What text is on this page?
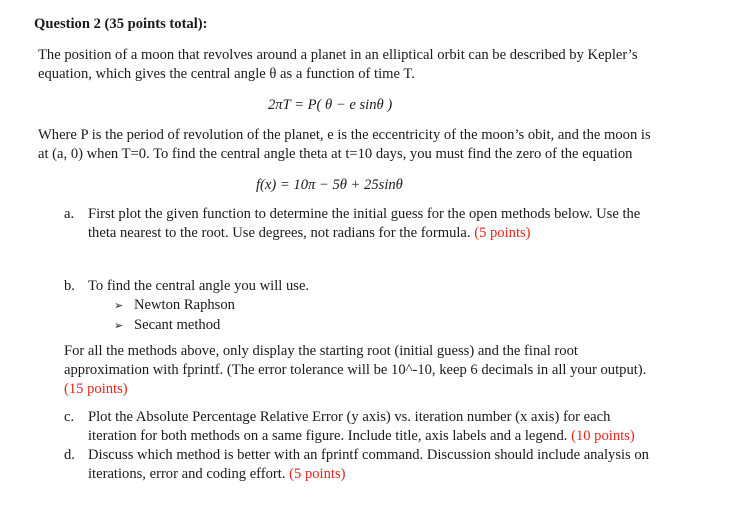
Question 2 (35 points total):
The position of a moon that revolves around a planet in an elliptical orbit can be described by Kepler’s
equation, which gives the central angle θ as a function of time T.
2πT = P( θ − e sinθ )
Where P is the period of revolution of the planet, e is the eccentricity of the moon’s obit, and the moon is
at (a, 0) when T=0. To find the central angle theta at t=10 days, you must find the zero of the equation
f(x) = 10π − 5θ + 25sinθ
a. First plot the given function to determine the initial guess for the open methods below. Use the
theta nearest to the root. Use degrees, not radians for the formula. (5 points)
b. To find the central angle you will use.
➢ Newton Raphson
➢ Secant method
For all the methods above, only display the starting root (initial guess) and the final root
approximation with fprintf. (The error tolerance will be 10^-10, keep 6 decimals in all your output).
(15 points)
c. Plot the Absolute Percentage Relative Error (y axis) vs. iteration number (x axis) for each
iteration for both methods on a same figure. Include title, axis labels and a legend. (10 points)
d. Discuss which method is better with an fprintf command. Discussion should include analysis on
iterations, error and coding effort. (5 points)
